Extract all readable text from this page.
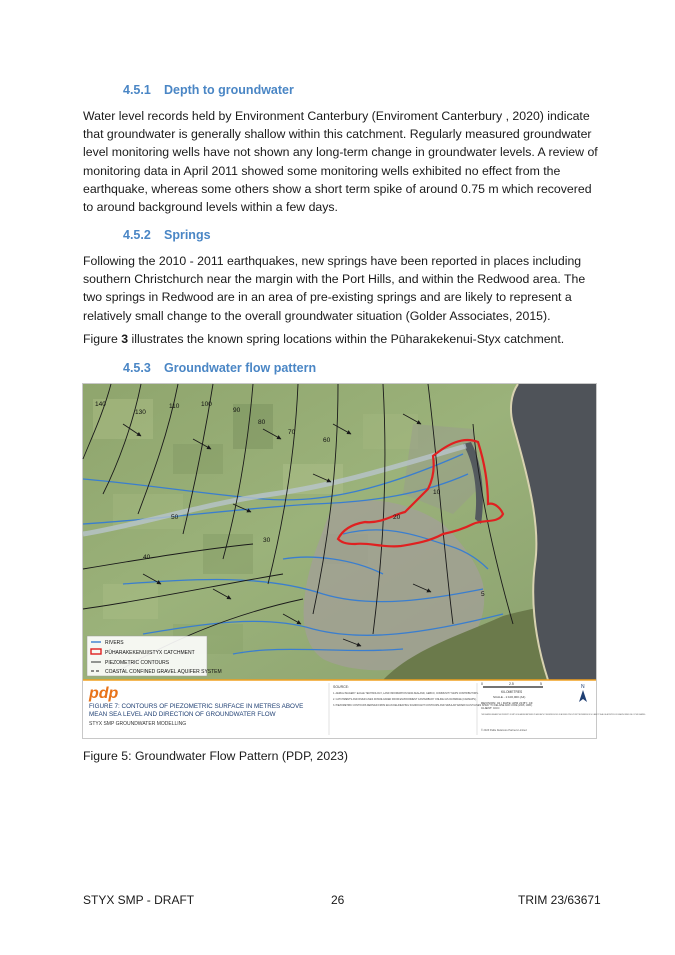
4.5.1 Depth to groundwater
Water level records held by Environment Canterbury (Enviroment Canterbury , 2020) indicate that groundwater is generally shallow within this catchment. Regularly measured groundwater level monitoring wells have not shown any long-term change in groundwater levels. A review of monitoring data in April 2011 showed some monitoring wells exhibited no effect from the earthquake, whereas some others show a short term spike of around 0.75 m which recovered to around background levels within a few days.
4.5.2 Springs
Following the 2010 - 2011 earthquakes, new springs have been reported in places including southern Christchurch near the margin with the Port Hills, and within the Redwood area. The two springs in Redwood are in an area of pre-existing springs and are likely to represent a relatively small change to the overall groundwater situation (Golder Associates, 2015).
Figure 3 illustrates the known spring locations within the Pūharakekenui-Styx catchment.
4.5.3 Groundwater flow pattern
140
130
110	100
90
80
70
60
50
40
30
20
10
5
RIVERS
PŪHARAKEKENUI/STYX CATCHMENT
PIEZOMETRIC CONTOURS
COASTAL CONFINED GRAVEL AQUIFER SYSTEM
pdp
FIGURE 7: CONTOURS OF PIEZOMETRIC SURFACE IN METRES ABOVE
MEAN SEA LEVEL AND DIRECTION OF GROUNDWATER FLOW
STYX SMP GROUNDWATER MODELLING
SOURCE:
1. AERIAL IMAGERY: EAGLE TECHNOLOGY, LAND INFORMATION NEW ZEALAND, GEBCO, COMMUNITY MAPS CONTRIBUTORS.
2. CATCHMENTS AND RIVER LINES DOWNLOADED FROM ENVIRONMENT CANTERBURY ONLINE GIS DATABASE (CANMAPS).
3. PIEZOMETRIC CONTOURS DERIVED FROM ECAN DELINEATING SIGNIFICANT CONTOURS AND SIMULAR WATER FLUSH LINES SPRAY TO DELAINE AND CORE (2008, 1986).
0	2.5	5
KILOMETRES
SCALE - 1:100,000 (A4)
REVISION: 01 | DATE: APR 23 BY: CF
CLIENT: CCC
THIS DRAWING REMAINS THE PROPERTY OF PATTLE DELAMORE PARTNERS LTD AND MAY NOT BE REPRODUCED OR ALTERED WITHOUT WRITTEN PERMISSION. NO LIABILITY SHALL BE ACCEPTED FOR UNAUTHORISED USE OF THIS DRAWING.
© 2023 Pattle Delamore Partners Limited
N
Figure 5: Groundwater Flow Pattern (PDP, 2023)
STYX SMP - DRAFT	26	TRIM 23/63671
